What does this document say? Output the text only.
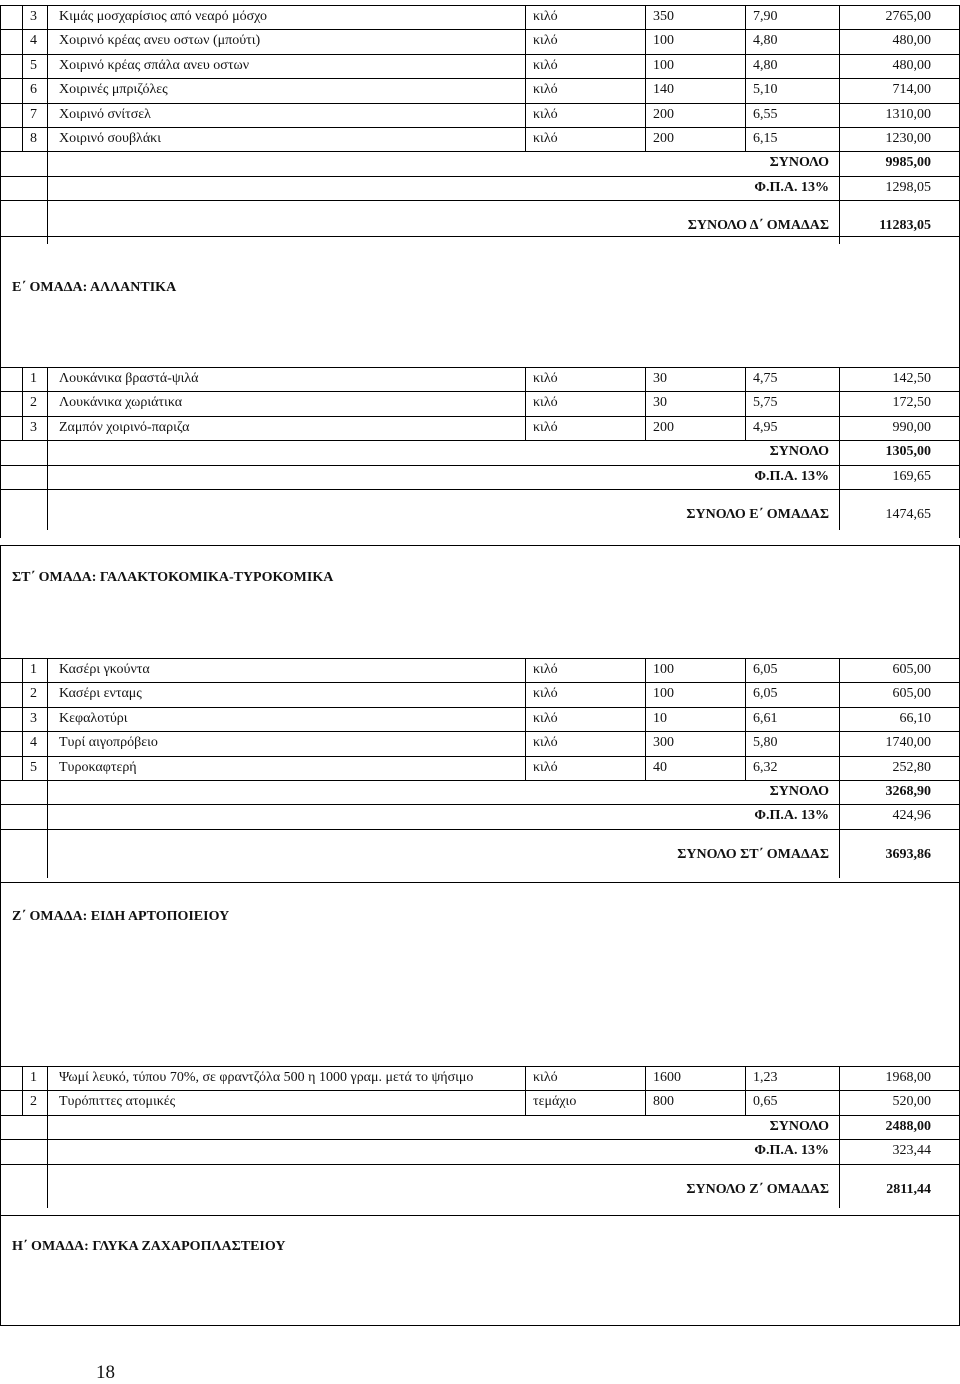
3	Κιμάς μοσχαρίσιος από νεαρό μόσχο	κιλό	350	7,90	2765,00
4	Χοιρινό κρέας ανευ οστων (μπούτι)	κιλό	100	4,80	480,00
5	Χοιρινό κρέας σπάλα ανευ οστων	κιλό	100	4,80	480,00
6	Χοιρινές μπριζόλες	κιλό	140	5,10	714,00
7	Χοιρινό σνίτσελ	κιλό	200	6,55	1310,00
8	Χοιρινό σουβλάκι	κιλό	200	6,15	1230,00
ΣΥΝΟΛΟ	9985,00
Φ.Π.Α. 13%	1298,05
ΣΥΝΟΛΟ Δ΄ ΟΜΑΔΑΣ	11283,05
Ε΄ ΟΜΑΔΑ: ΑΛΛΑΝΤΙΚΑ
1	Λουκάνικα βραστά-ψιλά	κιλό	30	4,75	142,50
2	Λουκάνικα χωριάτικα	κιλό	30	5,75	172,50
3	Ζαμπόν χοιρινό-παριζα	κιλό	200	4,95	990,00
ΣΥΝΟΛΟ	1305,00
Φ.Π.Α. 13%	169,65
ΣΥΝΟΛΟ Ε΄ ΟΜΑΔΑΣ	1474,65
ΣΤ΄ ΟΜΑΔΑ: ΓΑΛΑΚΤΟΚΟΜΙΚΑ-ΤΥΡΟΚΟΜΙΚΑ
1	Κασέρι γκούντα	κιλό	100	6,05	605,00
2	Κασέρι ενταμς	κιλό	100	6,05	605,00
3	Κεφαλοτύρι	κιλό	10	6,61	66,10
4	Τυρί αιγοπρόβειο	κιλό	300	5,80	1740,00
5	Τυροκαφτερή	κιλό	40	6,32	252,80
ΣΥΝΟΛΟ	3268,90
Φ.Π.Α. 13%	424,96
ΣΥΝΟΛΟ ΣΤ΄ ΟΜΑΔΑΣ	3693,86
Ζ΄ ΟΜΑΔΑ: ΕΙΔΗ ΑΡΤΟΠΟΙΕΙΟΥ
1	Ψωμί λευκό, τύπου 70%, σε φραντζόλα 500 η 1000 γραμ. μετά το ψήσιμο	κιλό	1600	1,23	1968,00
2	Τυρόπιττες ατομικές	τεμάχιο	800	0,65	520,00
ΣΥΝΟΛΟ	2488,00
Φ.Π.Α. 13%	323,44
ΣΥΝΟΛΟ Ζ΄ ΟΜΑΔΑΣ	2811,44
Η΄ ΟΜΑΔΑ: ΓΛΥΚΑ ΖΑΧΑΡΟΠΛΑΣΤΕΙΟΥ
18
